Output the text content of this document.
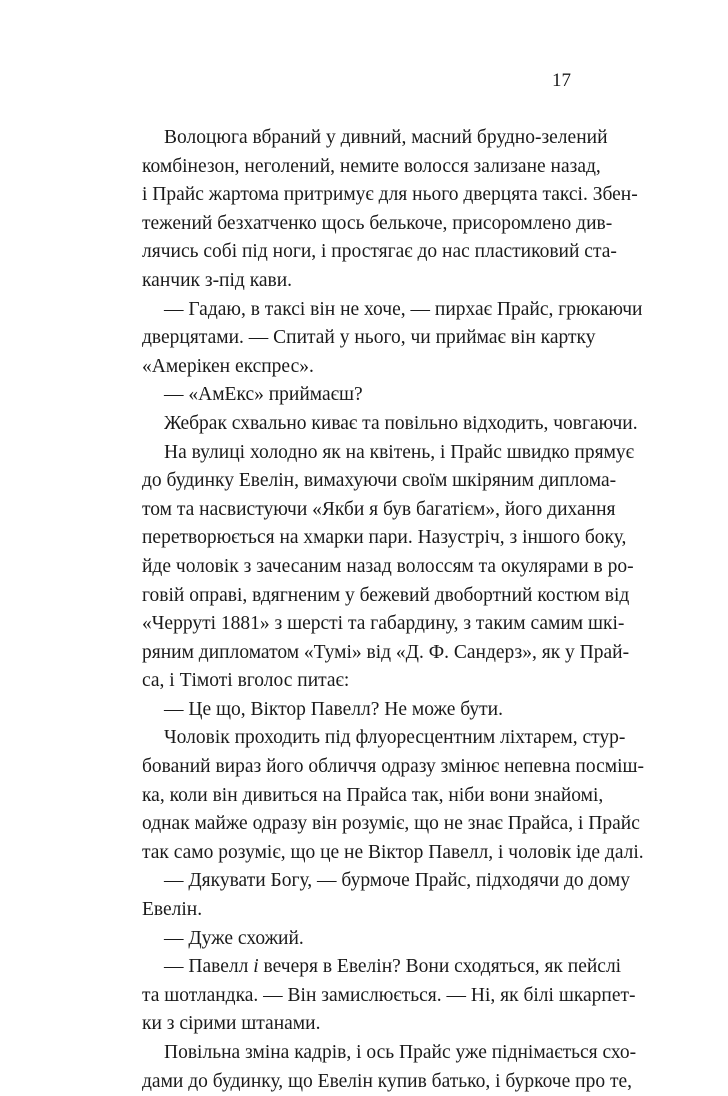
17
Волоцюга вбраний у дивний, масний брудно-зелений
комбінезон, неголений, немите волосся зализане назад,
і Прайс жартома притримує для нього дверцята таксі. Збен-
тежений безхатченко щось белькоче, присоромлено див-
лячись собі під ноги, і простягає до нас пластиковий ста-
канчик з-під кави.
— Гадаю, в таксі він не хоче, — пирхає Прайс, грюкаючи
дверцятами. — Спитай у нього, чи приймає він картку
«Амерікен експрес».
— «АмЕкс» приймаєш?
Жебрак схвально киває та повільно відходить, човгаючи.
На вулиці холодно як на квітень, і Прайс швидко прямує
до будинку Евелін, вимахуючи своїм шкіряним диплома-
том та насвистуючи «Якби я був багатієм», його дихання
перетворюється на хмарки пари. Назустріч, з іншого боку,
йде чоловік з зачесаним назад волоссям та окулярами в ро-
говій оправі, вдягненим у бежевий двобортний костюм від
«Черруті 1881» з шерсті та габардину, з таким самим шкі-
ряним дипломатом «Тумі» від «Д. Ф. Сандерз», як у Прай-
са, і Тімоті вголос питає:
— Це що, Віктор Павелл? Не може бути.
Чоловік проходить під флуоресцентним ліхтарем, стур-
бований вираз його обличчя одразу змінює непевна посміш-
ка, коли він дивиться на Прайса так, ніби вони знайомі,
однак майже одразу він розуміє, що не знає Прайса, і Прайс
так само розуміє, що це не Віктор Павелл, і чоловік іде далі.
— Дякувати Богу, — бурмоче Прайс, підходячи до дому
Евелін.
— Дуже схожий.
— Павелл і вечеря в Евелін? Вони сходяться, як пейслі
та шотландка. — Він замислюється. — Ні, як білі шкарпет-
ки з сірими штанами.
Повільна зміна кадрів, і ось Прайс уже піднімається схо-
дами до будинку, що Евелін купив батько, і буркоче про те,
